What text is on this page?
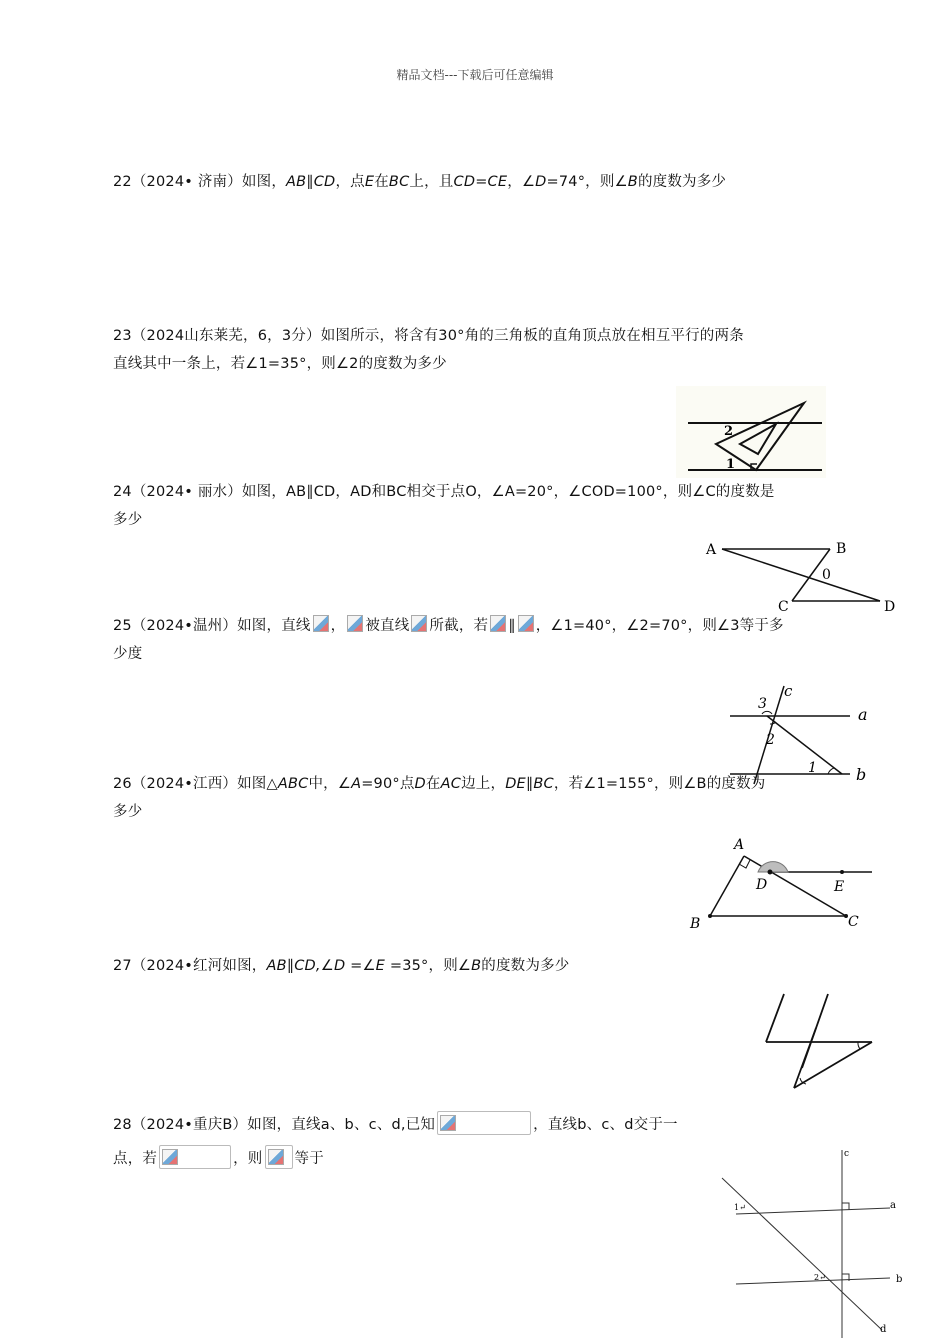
精品文档---下载后可任意编辑
22（2024• 济南）如图，AB∥CD，点E在BC上，且CD=CE，∠D=74°，则∠B的度数为多少
23（2024山东莱芜，6，3分）如图所示，将含有30°角的三角板的直角顶点放在相互平行的两条
直线其中一条上，若∠1=35°，则∠2的度数为多少
2
1
24（2024• 丽水）如图，AB∥CD，AD和BC相交于点O，∠A=20°，∠COD=100°，则∠C的度数是
多少
A	B
0
C	D
25（2024•温州）如图，直线 ， 被直线 所截，若 ∥ ，∠1=40°，∠2=70°，则∠3等于多
少度
3
c
a
2
1 b
26（2024•江西）如图△ABC中，∠A=90°点D在AC边上，DE∥BC，若∠1=155°，则∠B的度数为
多少
A
D	E
B	C
27（2024•红河如图，AB∥CD,∠D =∠E =35°，则∠B的度数为多少
28（2024•重庆B）如图，直线a、b、c、d,已知	，直线b、c、d交于一
点，若	，则 等于	c
a
1↵
2↵	b
d
